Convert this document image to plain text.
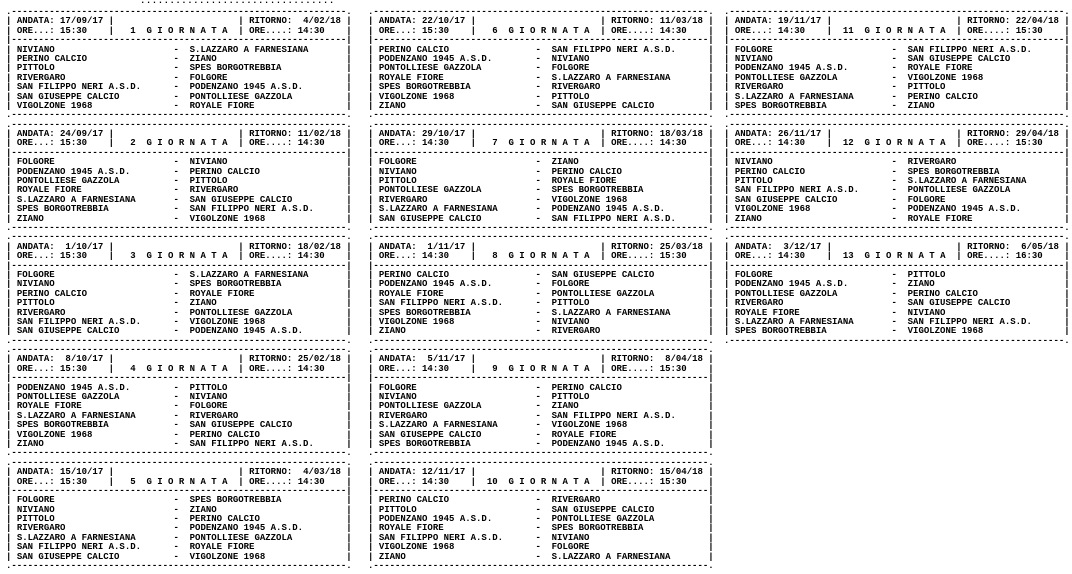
.................................
.--------------------------------------------------------------.
| ANDATA: 17/09/17 |	| RITORNO: 4/02/18 |
| ORE...: 15:30    | 1 GIORNATA | ORE....: 14:30 |
|--------------------------------------------------------------|
| NIVIANO	-  S.LAZZARO A FARNESIANA	|
| PERINO CALCIO	-  ZIANO	|
| PITTOLO	-  SPES BORGOTREBBIA	|
| RIVERGARO	-  FOLGORE	|
| SAN FILIPPO NERI A.S.D.	-  PODENZANO 1945 A.S.D.	|
| SAN GIUSEPPE CALCIO	-  PONTOLLIESE GAZZOLA	|
| VIGOLZONE 1968	-  ROYALE FIORE	|
.--------------------------------------------------------------.
.--------------------------------------------------------------.
| ANDATA: 24/09/17 |	| RITORNO: 11/02/18 |
| ORE...: 15:30    | 2 GIORNATA | ORE....: 14:30 |
|--------------------------------------------------------------|
| FOLGORE	-  NIVIANO	|
| PODENZANO 1945 A.S.D.	-  PERINO CALCIO	|
| PONTOLLIESE GAZZOLA	-  PITTOLO	|
| ROYALE FIORE	-  RIVERGARO	|
| S.LAZZARO A FARNESIANA	-  SAN GIUSEPPE CALCIO	|
| SPES BORGOTREBBIA	-  SAN FILIPPO NERI A.S.D.	|
| ZIANO	-  VIGOLZONE 1968	|
.--------------------------------------------------------------.
.--------------------------------------------------------------.
| ANDATA: 1/10/17 |	| RITORNO: 18/02/18 |
| ORE...: 15:30    | 3 GIORNATA | ORE....: 14:30 |
|--------------------------------------------------------------|
| FOLGORE	-  S.LAZZARO A FARNESIANA	|
| NIVIANO	-  SPES BORGOTREBBIA	|
| PERINO CALCIO	-  ROYALE FIORE	|
| PITTOLO	-  ZIANO	|
| RIVERGARO	-  PONTOLLIESE GAZZOLA	|
| SAN FILIPPO NERI A.S.D.	-  VIGOLZONE 1968	|
| SAN GIUSEPPE CALCIO	-  PODENZANO 1945 A.S.D.	|
.--------------------------------------------------------------.
.--------------------------------------------------------------.
| ANDATA: 8/10/17 |	| RITORNO: 25/02/18 |
| ORE...: 15:30    | 4 GIORNATA | ORE....: 14:30 |
|--------------------------------------------------------------|
| PODENZANO 1945 A.S.D.	-  PITTOLO	|
| PONTOLLIESE GAZZOLA	-  NIVIANO	|
| ROYALE FIORE	-  FOLGORE	|
| S.LAZZARO A FARNESIANA	-  RIVERGARO	|
| SPES BORGOTREBBIA	-  SAN GIUSEPPE CALCIO	|
| VIGOLZONE 1968	-  PERINO CALCIO	|
| ZIANO	-  SAN FILIPPO NERI A.S.D.	|
.--------------------------------------------------------------.
.--------------------------------------------------------------.
| ANDATA: 15/10/17 |	| RITORNO: 4/03/18 |
| ORE...: 15:30    | 5 GIORNATA | ORE....: 14:30 |
|--------------------------------------------------------------|
| FOLGORE	-  SPES BORGOTREBBIA	|
| NIVIANO	-  ZIANO	|
| PITTOLO	-  PERINO CALCIO	|
| RIVERGARO	-  PODENZANO 1945 A.S.D.	|
| S.LAZZARO A FARNESIANA	-  PONTOLLIESE GAZZOLA	|
| SAN FILIPPO NERI A.S.D.	-  ROYALE FIORE	|
| SAN GIUSEPPE CALCIO	-  VIGOLZONE 1968	|
.--------------------------------------------------------------.
.--------------------------------------------------------------.
| ANDATA: 22/10/17 |	| RITORNO: 11/03/18 |
| ORE...: 15:30    | 6 GIORNATA | ORE....: 14:30 |
|--------------------------------------------------------------|
| PERINO CALCIO	-  SAN FILIPPO NERI A.S.D.	|
| PODENZANO 1945 A.S.D.	-  NIVIANO	|
| PONTOLLIESE GAZZOLA	-  FOLGORE	|
| ROYALE FIORE	-  S.LAZZARO A FARNESIANA	|
| SPES BORGOTREBBIA	-  RIVERGARO	|
| VIGOLZONE 1968	-  PITTOLO	|
| ZIANO	-  SAN GIUSEPPE CALCIO	|
.--------------------------------------------------------------.
.--------------------------------------------------------------.
| ANDATA: 29/10/17 |	| RITORNO: 18/03/18 |
| ORE...: 14:30    | 7 GIORNATA | ORE....: 14:30 |
|--------------------------------------------------------------|
| FOLGORE	-  ZIANO	|
| NIVIANO	-  PERINO CALCIO	|
| PITTOLO	-  ROYALE FIORE	|
| PONTOLLIESE GAZZOLA	-  SPES BORGOTREBBIA	|
| RIVERGARO	-  VIGOLZONE 1968	|
| S.LAZZARO A FARNESIANA	-  PODENZANO 1945 A.S.D.	|
| SAN GIUSEPPE CALCIO	-  SAN FILIPPO NERI A.S.D.	|
.--------------------------------------------------------------.
.--------------------------------------------------------------.
| ANDATA: 1/11/17 |	| RITORNO: 25/03/18 |
| ORE...: 14:30    | 8 GIORNATA | ORE....: 15:30 |
|--------------------------------------------------------------|
| PERINO CALCIO	-  SAN GIUSEPPE CALCIO	|
| PODENZANO 1945 A.S.D.	-  FOLGORE	|
| ROYALE FIORE	-  PONTOLLIESE GAZZOLA	|
| SAN FILIPPO NERI A.S.D.	-  PITTOLO	|
| SPES BORGOTREBBIA	-  S.LAZZARO A FARNESIANA	|
| VIGOLZONE 1968	-  NIVIANO	|
| ZIANO	-  RIVERGARO	|
.--------------------------------------------------------------.
.--------------------------------------------------------------.
| ANDATA: 5/11/17 |	| RITORNO: 8/04/18 |
| ORE...: 14:30    | 9 GIORNATA | ORE....: 15:30 |
|--------------------------------------------------------------|
| FOLGORE	-  PERINO CALCIO	|
| NIVIANO	-  PITTOLO	|
| PONTOLLIESE GAZZOLA	-  ZIANO	|
| RIVERGARO	-  SAN FILIPPO NERI A.S.D.	|
| S.LAZZARO A FARNESIANA	-  VIGOLZONE 1968	|
| SAN GIUSEPPE CALCIO	-  ROYALE FIORE	|
| SPES BORGOTREBBIA	-  PODENZANO 1945 A.S.D.	|
.--------------------------------------------------------------.
.--------------------------------------------------------------.
| ANDATA: 12/11/17 |	| RITORNO: 15/04/18 |
| ORE...: 14:30    | 10 GIORNATA | ORE....: 15:30 |
|--------------------------------------------------------------|
| PERINO CALCIO	-  RIVERGARO	|
| PITTOLO	-  SAN GIUSEPPE CALCIO	|
| PODENZANO 1945 A.S.D.	-  PONTOLLIESE GAZZOLA	|
| ROYALE FIORE	-  SPES BORGOTREBBIA	|
| SAN FILIPPO NERI A.S.D.	-  NIVIANO	|
| VIGOLZONE 1968	-  FOLGORE	|
| ZIANO	-  S.LAZZARO A FARNESIANA	|
.--------------------------------------------------------------.
.--------------------------------------------------------------.
| ANDATA: 19/11/17 |	| RITORNO: 22/04/18 |
| ORE...: 14:30    | 11 GIORNATA | ORE....: 15:30 |
|--------------------------------------------------------------|
| FOLGORE	-  SAN FILIPPO NERI A.S.D.	|
| NIVIANO	-  SAN GIUSEPPE CALCIO	|
| PODENZANO 1945 A.S.D.	-  ROYALE FIORE	|
| PONTOLLIESE GAZZOLA	-  VIGOLZONE 1968	|
| RIVERGARO	-  PITTOLO	|
| S.LAZZARO A FARNESIANA	-  PERINO CALCIO	|
| SPES BORGOTREBBIA	-  ZIANO	|
.--------------------------------------------------------------.
.--------------------------------------------------------------.
| ANDATA: 26/11/17 |	| RITORNO: 29/04/18 |
| ORE...: 14:30    | 12 GIORNATA | ORE....: 15:30 |
|--------------------------------------------------------------|
| NIVIANO	-  RIVERGARO	|
| PERINO CALCIO	-  SPES BORGOTREBBIA	|
| PITTOLO	-  S.LAZZARO A FARNESIANA	|
| SAN FILIPPO NERI A.S.D.	-  PONTOLLIESE GAZZOLA	|
| SAN GIUSEPPE CALCIO	-  FOLGORE	|
| VIGOLZONE 1968	-  PODENZANO 1945 A.S.D.	|
| ZIANO	-  ROYALE FIORE	|
.--------------------------------------------------------------.
.--------------------------------------------------------------.
| ANDATA: 3/12/17 |	| RITORNO: 6/05/18 |
| ORE...: 14:30    | 13 GIORNATA | ORE....: 16:30 |
|--------------------------------------------------------------|
| FOLGORE	-  PITTOLO	|
| PODENZANO 1945 A.S.D.	-  ZIANO	|
| PONTOLLIESE GAZZOLA	-  PERINO CALCIO	|
| RIVERGARO	-  SAN GIUSEPPE CALCIO	|
| ROYALE FIORE	-  NIVIANO	|
| S.LAZZARO A FARNESIANA	-  SAN FILIPPO NERI A.S.D.	|
| SPES BORGOTREBBIA	-  VIGOLZONE 1968	|
.--------------------------------------------------------------.
